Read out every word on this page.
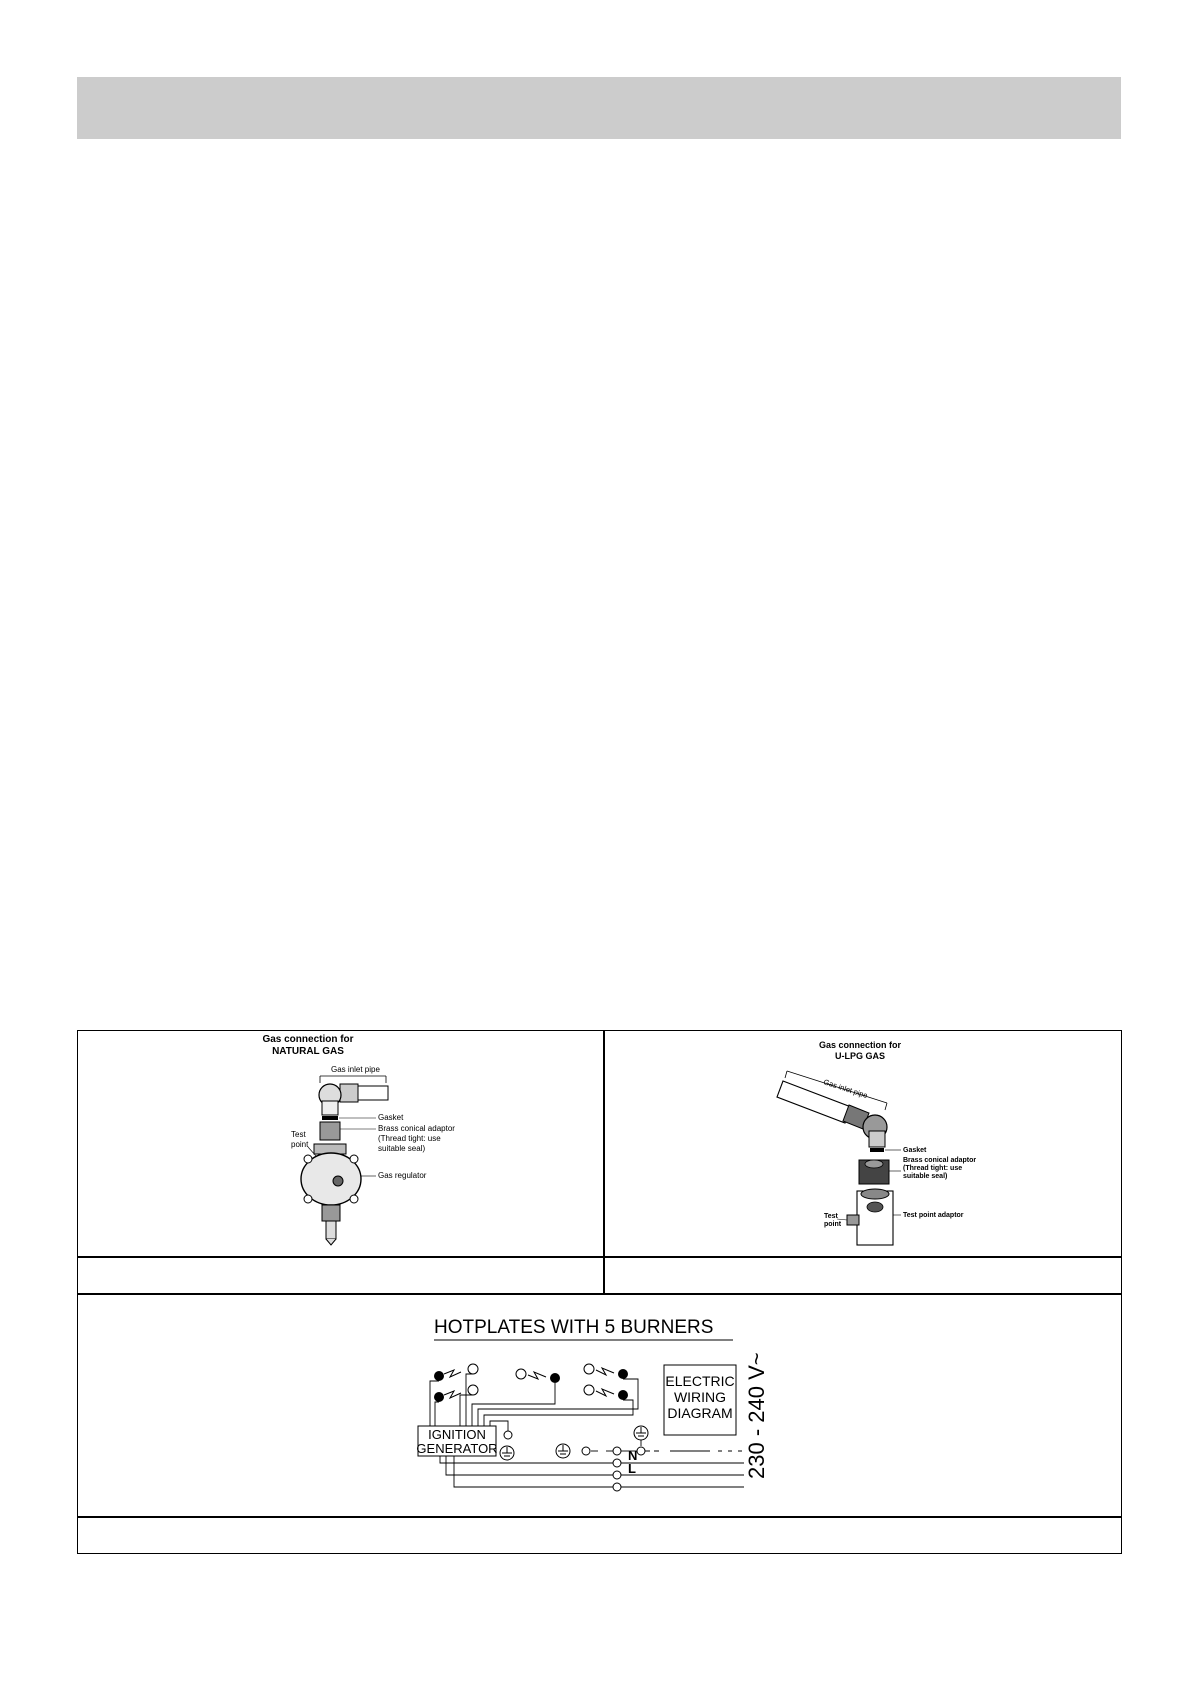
Gas connection for
NATURAL GAS
Gas inlet pipe
Gasket
Brass conical adaptor
(Thread tight: use
suitable seal)
Test
point
Gas regulator
Gas connection for
U-LPG GAS
Gas inlet pipe
Gasket
Brass conical adaptor
(Thread tight: use
suitable seal)
Test point adaptor
Test
point
HOTPLATES WITH 5 BURNERS
ELECTRIC
WIRING
DIAGRAM 230 - 240 V~
IGNITION
GENERATOR	N
L
